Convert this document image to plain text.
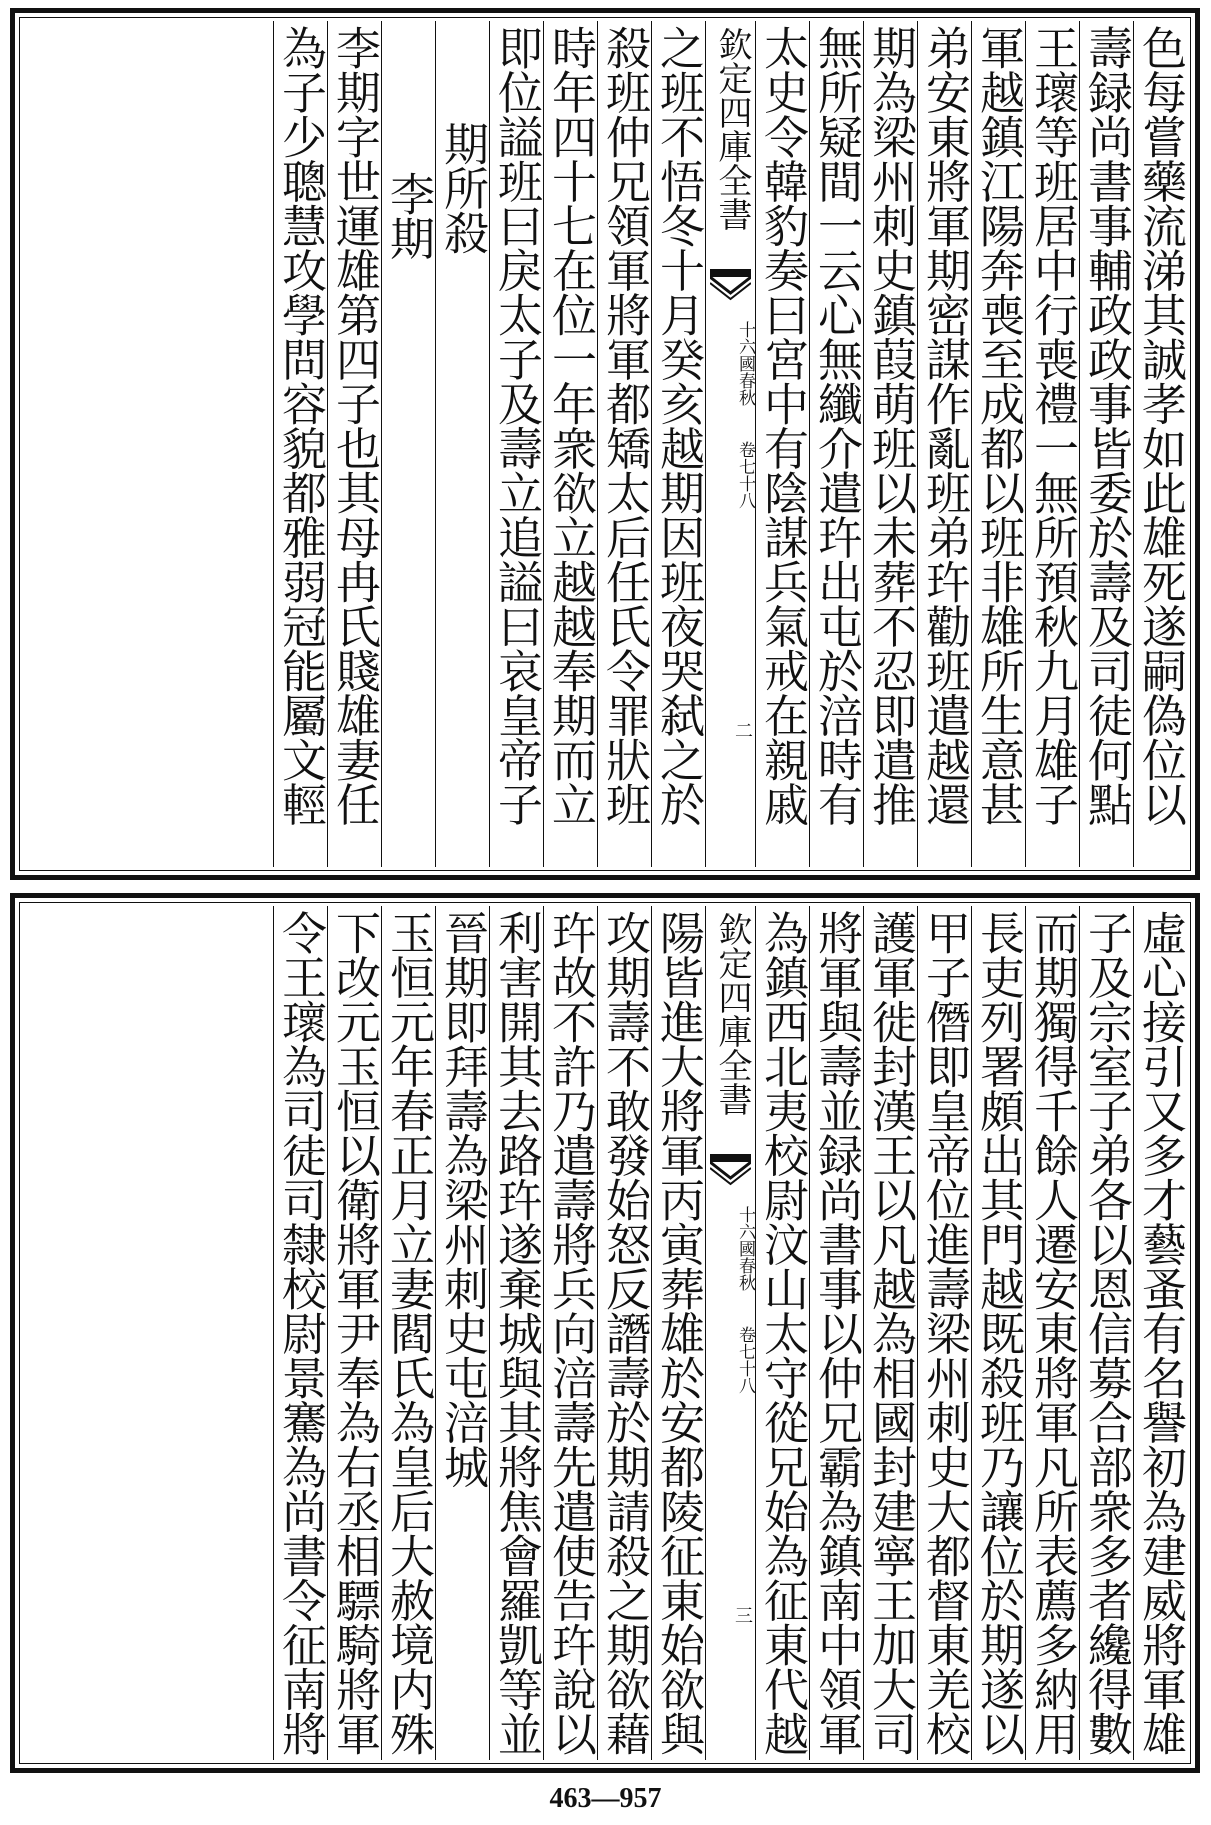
色每嘗藥流涕其誠孝如此雄死遂嗣偽位以
壽録尚書事輔政政事皆委於壽及司徒何點
王瓌等班居中行喪禮一無所預秋九月雄子
軍越鎮江陽奔喪至成都以班非雄所生意甚
弟安東將軍期密謀作亂班弟玝勸班遣越還
期為梁州刺史鎮葭萌班以未葬不忍即遣推
無所疑間一云心無纖介遣玝出屯於涪時有
太史令韓豹奏曰宮中有陰謀兵氣戒在親戚
欽定四庫全書
十六國春秋
卷七十八
二
之班不悟冬十月癸亥越期因班夜哭弑之於
殺班仲兄領軍將軍都矯太后任氏令罪狀班
時年四十七在位一年衆欲立越越奉期而立
即位謚班曰戾太子及壽立追謚曰哀皇帝子
期所殺
李期
李期字世運雄第四子也其母冉氏賤雄妻任
為子少聰慧攻學問容貌都雅弱冠能屬文輕
虛心接引又多才藝蚤有名譽初為建威將軍雄
子及宗室子弟各以恩信募合部衆多者纔得數
而期獨得千餘人遷安東將軍凡所表薦多納用
長吏列署頗出其門越既殺班乃讓位於期遂以
甲子僭即皇帝位進壽梁州刺史大都督東羌校
護軍徙封漢王以凡越為相國封建寧王加大司
將軍與壽並録尚書事以仲兄霸為鎮南中領軍
為鎮西北夷校尉汶山太守從兄始為征東代越
欽定四庫全書
十六國春秋
卷七十八
三
陽皆進大將軍丙寅葬雄於安都陵征東始欲與
攻期壽不敢發始怒反譖壽於期請殺之期欲藉
玝故不許乃遣壽將兵向涪壽先遣使告玝說以
利害開其去路玝遂棄城與其將焦會羅凱等並
晉期即拜壽為梁州刺史屯涪城
玉恒元年春正月立妻閻氏為皇后大赦境内殊
下改元玉恒以衛將軍尹奉為右丞相驃騎將軍
令王瓌為司徒司隸校尉景騫為尚書令征南將
463—957
